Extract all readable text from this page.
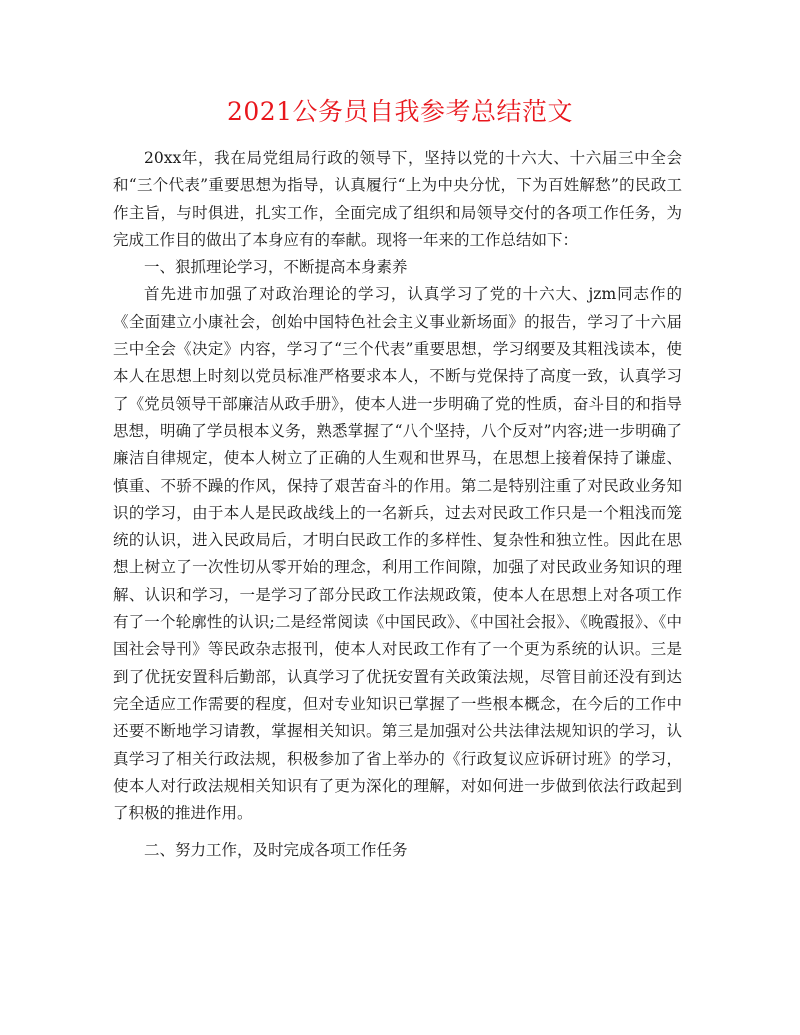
2021公务员自我参考总结范文

20xx年，我在局党组局行政的领导下，坚持以党的十六大、十六届三中全会和“三个代表”重要思想为指导，认真履行“上为中央分忧，下为百姓解愁”的民政工作主旨，与时俱进，扎实工作，全面完成了组织和局领导交付的各项工作任务，为完成工作目的做出了本身应有的奉献。现将一年来的工作总结如下：

一、狠抓理论学习，不断提高本身素养

首先进市加强了对政治理论的学习，认真学习了党的十六大、jzm同志作的《全面建立小康社会，创始中国特色社会主义事业新场面》的报告，学习了十六届三中全会《决定》内容，学习了“三个代表”重要思想，学习纲要及其粗浅读本，使本人在思想上时刻以党员标准严格要求本人，不断与党保持了高度一致，认真学习了《党员领导干部廉洁从政手册》，使本人进一步明确了党的性质，奋斗目的和指导思想，明确了学员根本义务，熟悉掌握了“八个坚持，八个反对”内容;进一步明确了廉洁自律规定，使本人树立了正确的人生观和世界马，在思想上接着保持了谦虚、慎重、不骄不躁的作风，保持了艰苦奋斗的作用。第二是特别注重了对民政业务知识的学习，由于本人是民政战线上的一名新兵，过去对民政工作只是一个粗浅而笼统的认识，进入民政局后，才明白民政工作的多样性、复杂性和独立性。因此在思想上树立了一次性切从零开始的理念，利用工作间隙，加强了对民政业务知识的理解、认识和学习，一是学习了部分民政工作法规政策，使本人在思想上对各项工作有了一个轮廓性的认识;二是经常阅读《中国民政》、《中国社会报》、《晚霞报》、《中国社会导刊》等民政杂志报刊，使本人对民政工作有了一个更为系统的认识。三是到了优抚安置科后勤部，认真学习了优抚安置有关政策法规，尽管目前还没有到达完全适应工作需要的程度，但对专业知识已掌握了一些根本概念，在今后的工作中还要不断地学习请教，掌握相关知识。第三是加强对公共法律法规知识的学习，认真学习了相关行政法规，积极参加了省上举办的《行政复议应诉研讨班》的学习，使本人对行政法规相关知识有了更为深化的理解，对如何进一步做到依法行政起到了积极的推进作用。

二、努力工作，及时完成各项工作任务
